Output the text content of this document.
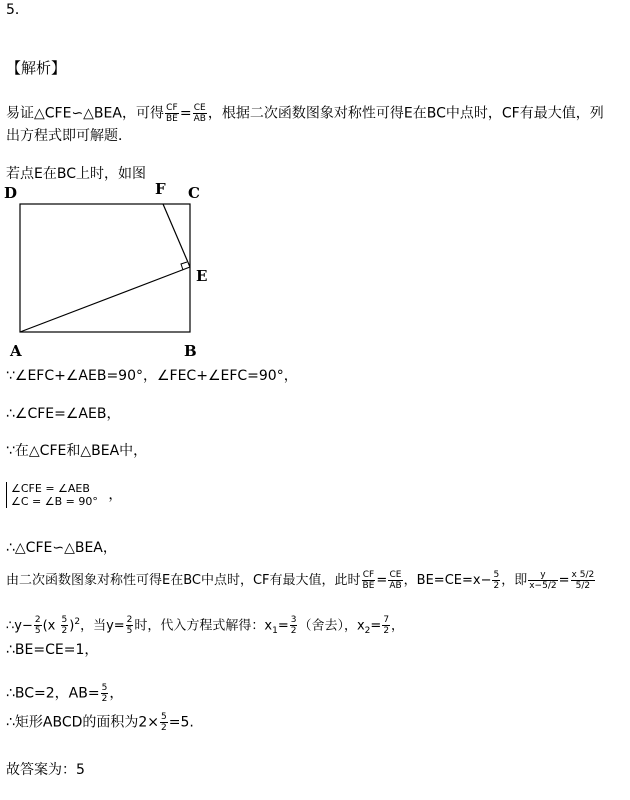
5．
【解析】
易证△CFE∽△BEA，可得 $\frac{CF}{BE} = \frac{CE}{AB}$ ，根据二次函数图象对称性可得E在BC中点时，CF有最大值，列
出方程式即可解题．
若点E在BC上时，如图
D	F C
E
A	B
∵∠EFC+∠AEB=90°，∠FEC+∠EFC=90°，
∴∠CFE=∠AEB，
∵在△CFE和△BEA中，
∠CFE = ∠AEB
∠C = ∠B = 90° ，
∴△CFE∽△BEA，
由二次函数图象对称性可得E在BC中点时，CF有最大值，此时 $\frac{CF}{BE} = \frac{CE}{AB}$ ，$BE=CE=x- \frac{5}{2}$ ，即 $\frac{y}{x-5/2} = \frac{x 5/2}{5/2}$
∴y− $\frac{2}{5} (x \frac{5}{2} )^2$，当$y= \frac{2}{5}$ 时，代入方程式解得：$x_1= \frac{3}{2}$ （舍去），$x_2= \frac{7}{2}$ ，
∴BE=CE=1，
∴BC=2，$AB= \frac{5}{2}$ ，
∴矩形ABCD的面积为$2\times \frac{5}{2} =5$.
故答案为：5
